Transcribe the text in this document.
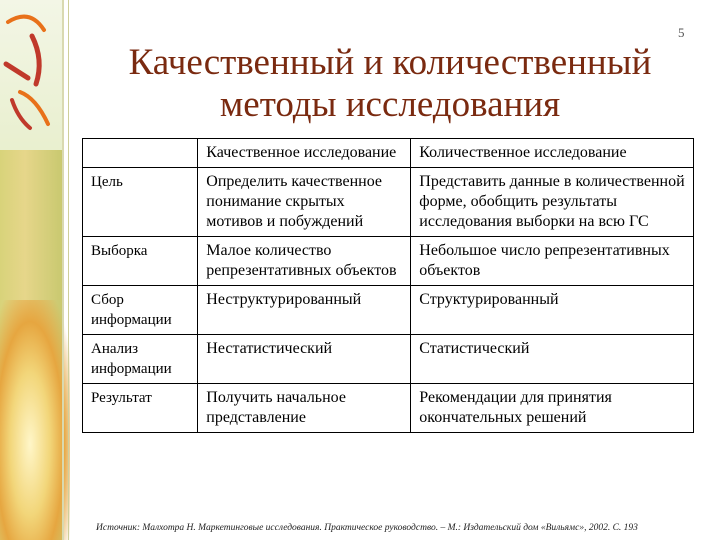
5
Качественный и количественный методы исследования
	Качественное исследование	Количественное исследование
Цель	Определить качественное понимание скрытых мотивов и побуждений	Представить данные в количественной форме, обобщить результаты исследования выборки на всю ГС
Выборка	Малое количество репрезентативных объектов	Небольшое число репрезентативных объектов
Сбор информации	Неструктурированный	Структурированный
Анализ информации	Нестатистический	Статистический
Результат	Получить начальное представление	Рекомендации для принятия окончательных решений
Источник: Малхотра Н. Маркетинговые исследования. Практическое руководство. – М.: Издательский дом «Вильямс», 2002. С. 193
